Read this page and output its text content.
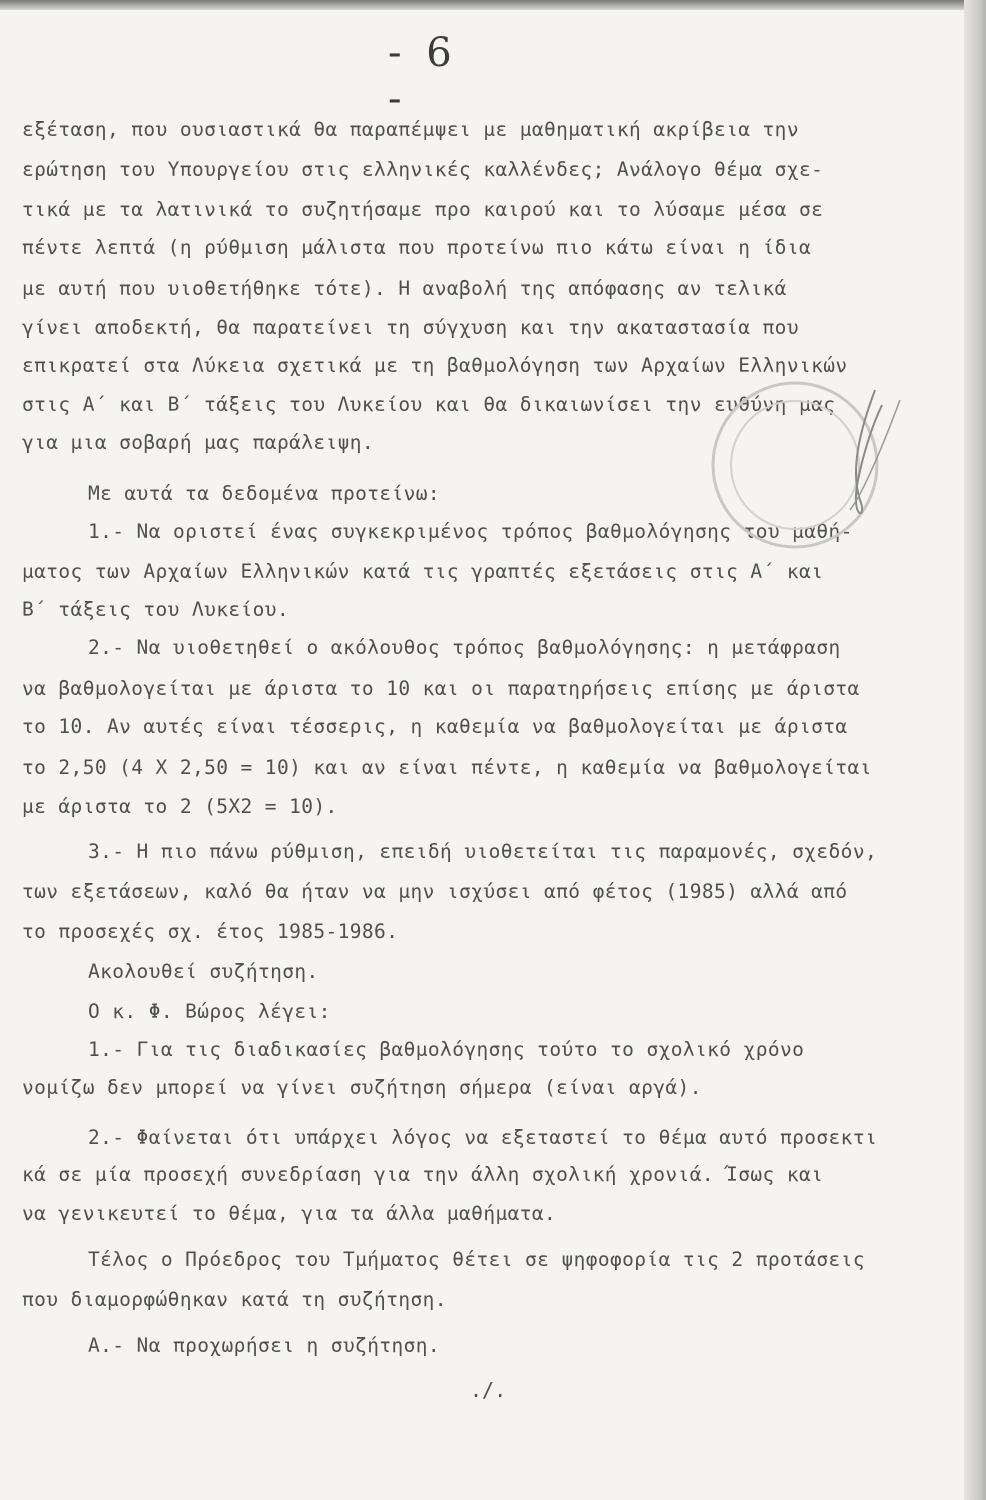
- 6 -
εξέταση, που ουσιαστικά θα παραπέμψει με μαθηματική ακρίβεια την
ερώτηση του Υπουργείου στις ελληνικές καλλένδες; Ανάλογο θέμα σχε-
τικά με τα λατινικά το συζητήσαμε προ καιρού και το λύσαμε μέσα σε
πέντε λεπτά (η ρύθμιση μάλιστα που προτείνω πιο κάτω είναι η ίδια
με αυτή που υιοθετήθηκε τότε). Η αναβολή της απόφασης αν τελικά
γίνει αποδεκτή, θα παρατείνει τη σύγχυση και την ακαταστασία που
επικρατεί στα Λύκεια σχετικά με τη βαθμολόγηση των Αρχαίων Ελληνικών
στις Α΄ και Β΄ τάξεις του Λυκείου και θα δικαιωνίσει την ευθύνη μας
για μια σοβαρή μας παράλειψη.
Με αυτά τα δεδομένα προτείνω:
1.- Να οριστεί ένας συγκεκριμένος τρόπος βαθμολόγησης του μαθή-
ματος των Αρχαίων Ελληνικών κατά τις γραπτές εξετάσεις στις Α΄ και
Β΄ τάξεις του Λυκείου.
2.- Να υιοθετηθεί ο ακόλουθος τρόπος βαθμολόγησης: η μετάφραση
να βαθμολογείται με άριστα το 10 και οι παρατηρήσεις επίσης με άριστα
το 10. Αν αυτές είναι τέσσερις, η καθεμία να βαθμολογείται με άριστα
το 2,50 (4 Χ 2,50 = 10) και αν είναι πέντε, η καθεμία να βαθμολογείται
με άριστα το 2 (5Χ2 = 10).
3.- Η πιο πάνω ρύθμιση, επειδή υιοθετείται τις παραμονές, σχεδόν,
των εξετάσεων, καλό θα ήταν να μην ισχύσει από φέτος (1985) αλλά από
το προσεχές σχ. έτος 1985-1986.
Ακολουθεί συζήτηση.
Ο κ. Φ. Βώρος λέγει:
1.- Για τις διαδικασίες βαθμολόγησης τούτο το σχολικό χρόνο
νομίζω δεν μπορεί να γίνει συζήτηση σήμερα (είναι αργά).
2.- Φαίνεται ότι υπάρχει λόγος να εξεταστεί το θέμα αυτό προσεκτι
κά σε μία προσεχή συνεδρίαση για την άλλη σχολική χρονιά. Ίσως και
να γενικευτεί το θέμα, για τα άλλα μαθήματα.
Τέλος ο Πρόεδρος του Τμήματος θέτει σε ψηφοφορία τις 2 προτάσεις
που διαμορφώθηκαν κατά τη συζήτηση.
Α.- Να προχωρήσει η συζήτηση.
./.
